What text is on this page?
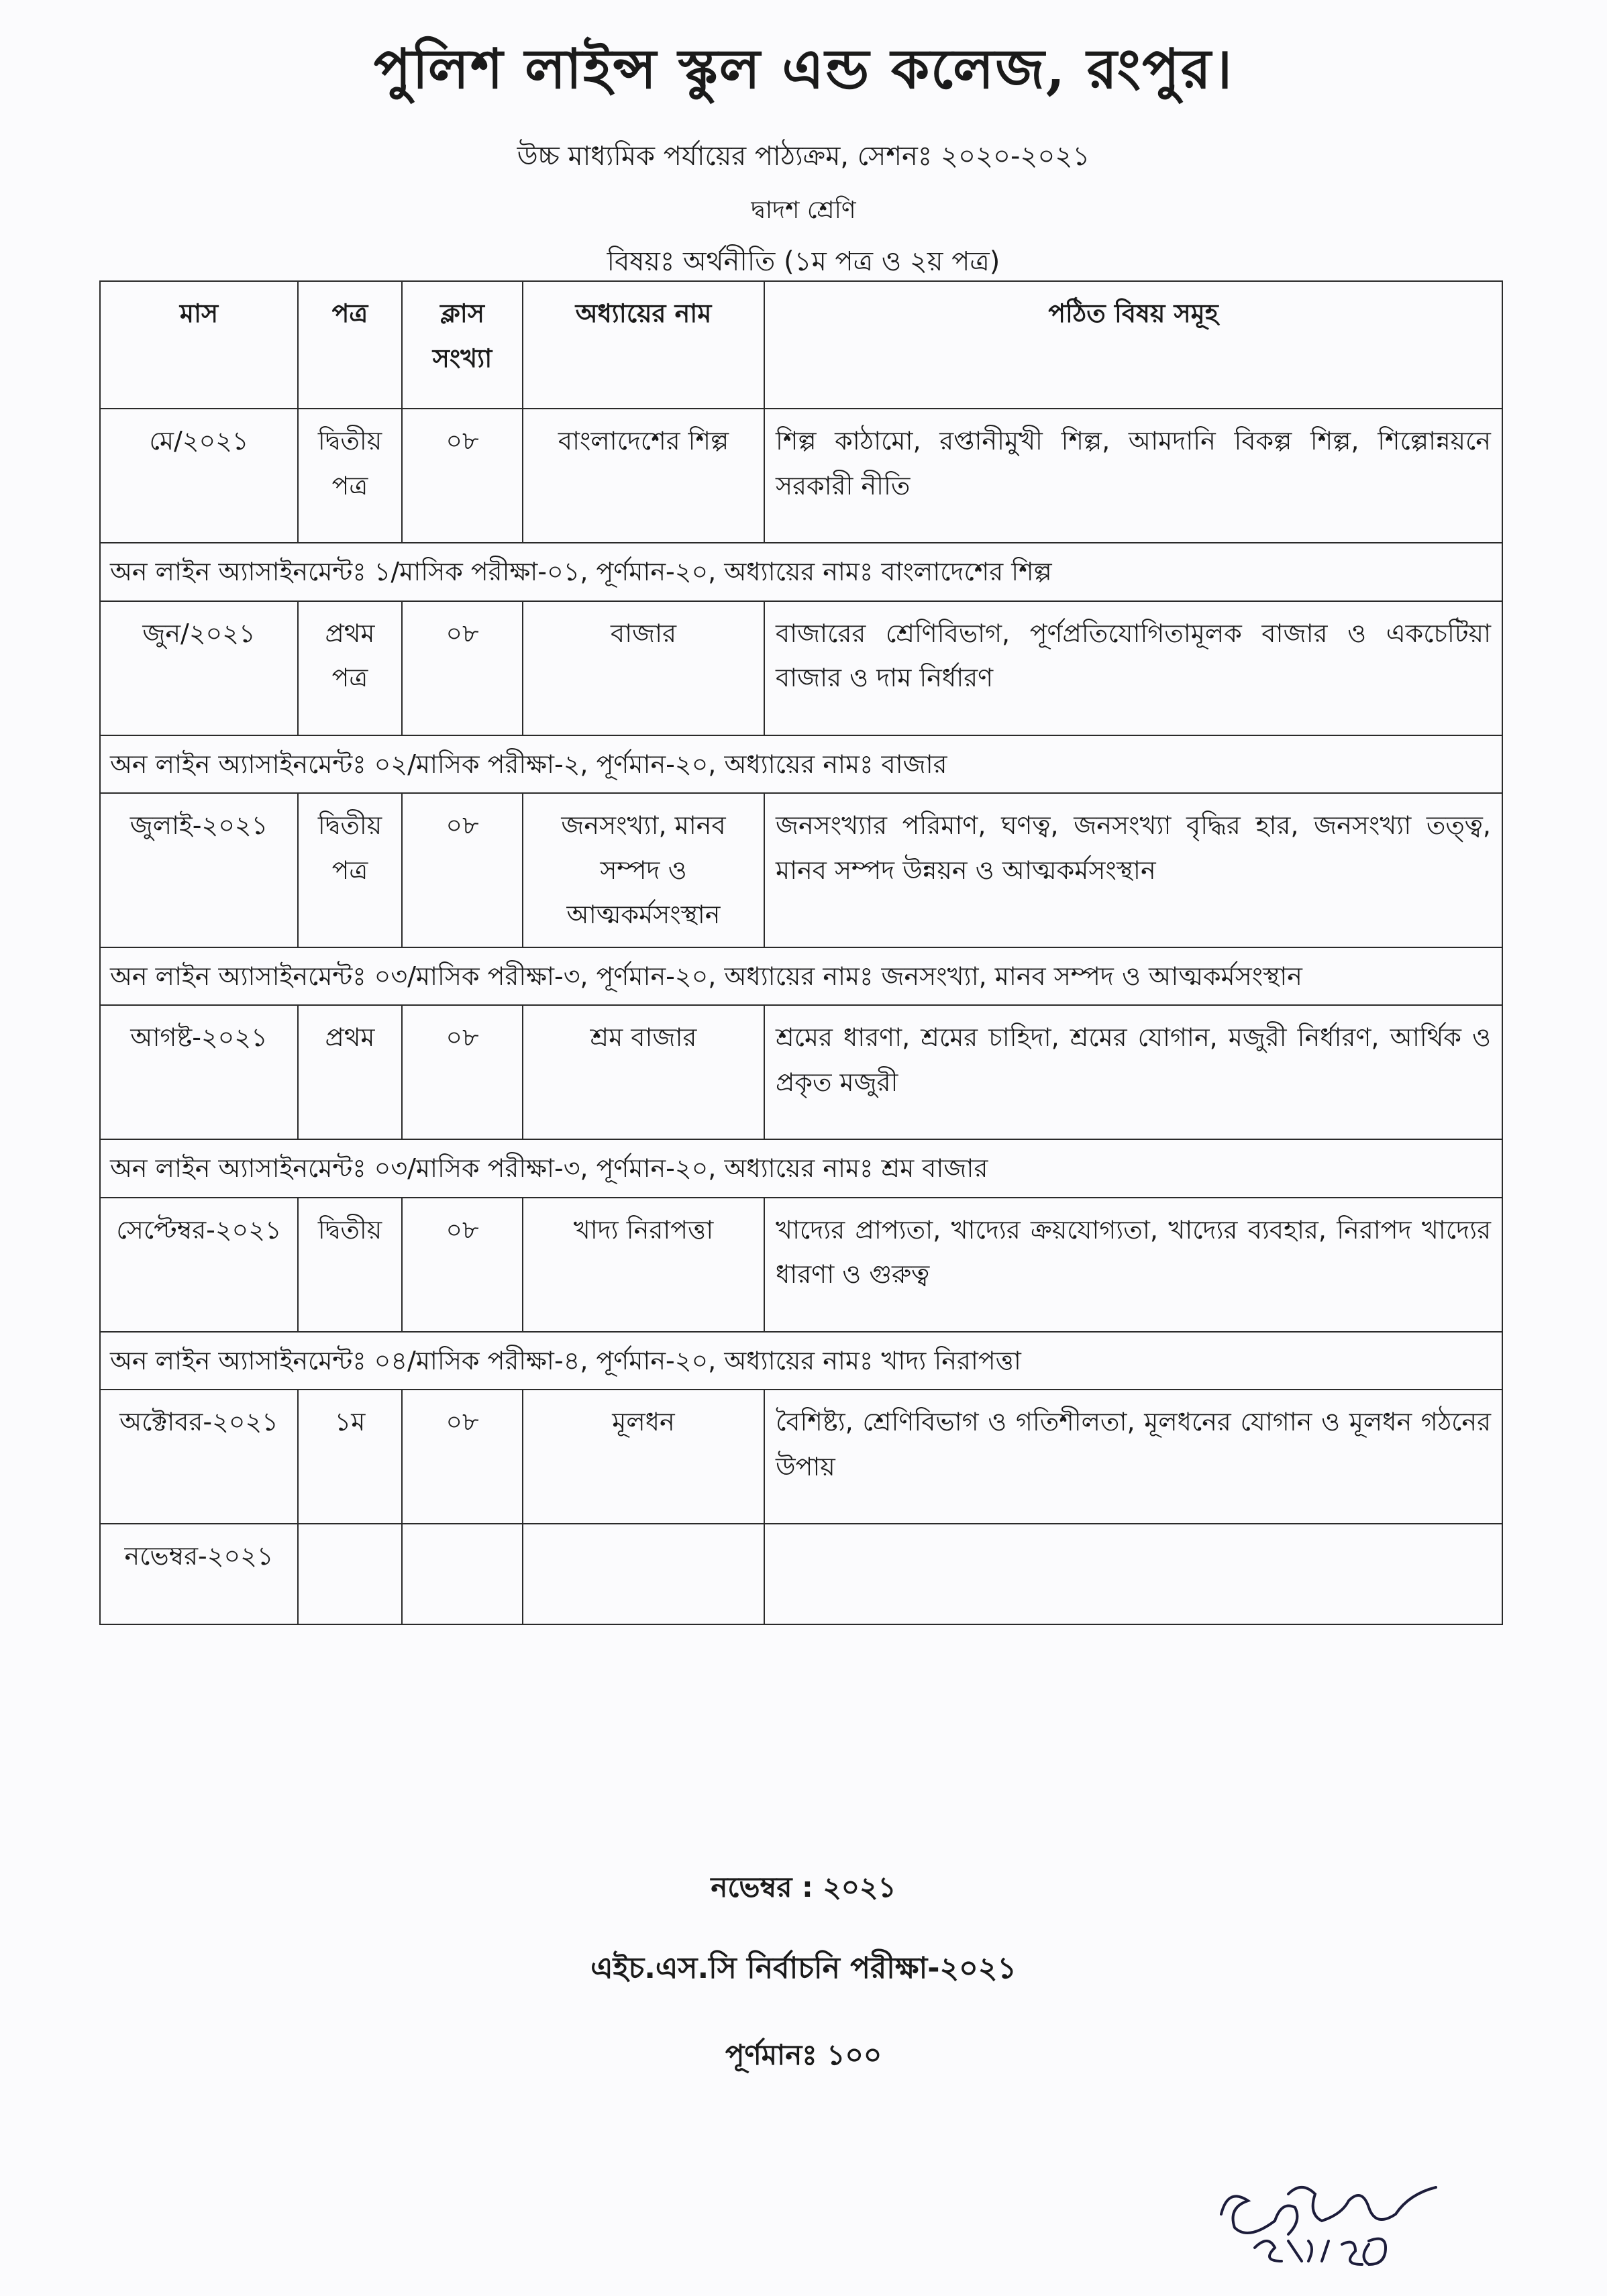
পুলিশ লাইন্স স্কুল এন্ড কলেজ, রংপুর।
উচ্চ মাধ্যমিক পর্যায়ের পাঠ্যক্রম, সেশনঃ ২০২০-২০২১
দ্বাদশ শ্রেণি
বিষয়ঃ অর্থনীতি (১ম পত্র ও ২য় পত্র)
মাস	পত্র	ক্লাস সংখ্যা	অধ্যায়ের নাম	পঠিত বিষয় সমূহ
মে/২০২১	দ্বিতীয় পত্র	০৮	বাংলাদেশের শিল্প	শিল্প কাঠামো, রপ্তানীমুখী শিল্প, আমদানি বিকল্প শিল্প, শিল্পোন্নয়নে সরকারী নীতি
অন লাইন অ্যাসাইনমেন্টঃ ১/মাসিক পরীক্ষা-০১, পূর্ণমান-২০, অধ্যায়ের নামঃ বাংলাদেশের শিল্প				
জুন/২০২১	প্রথম পত্র	০৮	বাজার	বাজারের শ্রেণিবিভাগ, পূর্ণপ্রতিযোগিতামূলক বাজার ও একচেটিয়া বাজার ও দাম নির্ধারণ
অন লাইন অ্যাসাইনমেন্টঃ ০২/মাসিক পরীক্ষা-২, পূর্ণমান-২০, অধ্যায়ের নামঃ বাজার				
জুলাই-২০২১	দ্বিতীয় পত্র	০৮	জনসংখ্যা, মানব সম্পদ ও আত্মকর্মসংস্থান	জনসংখ্যার পরিমাণ, ঘণত্ব, জনসংখ্যা বৃদ্ধির হার, জনসংখ্যা তত্ত্ব, মানব সম্পদ উন্নয়ন ও আত্মকর্মসংস্থান
অন লাইন অ্যাসাইনমেন্টঃ ০৩/মাসিক পরীক্ষা-৩, পূর্ণমান-২০, অধ্যায়ের নামঃ জনসংখ্যা, মানব সম্পদ ও আত্মকর্মসংস্থান				
আগষ্ট-২০২১	প্রথম	০৮	শ্রম বাজার	শ্রমের ধারণা, শ্রমের চাহিদা, শ্রমের যোগান, মজুরী নির্ধারণ, আর্থিক ও প্রকৃত মজুরী
অন লাইন অ্যাসাইনমেন্টঃ ০৩/মাসিক পরীক্ষা-৩, পূর্ণমান-২০, অধ্যায়ের নামঃ শ্রম বাজার				
সেপ্টেম্বর-২০২১	দ্বিতীয়	০৮	খাদ্য নিরাপত্তা	খাদ্যের প্রাপ্যতা, খাদ্যের ক্রয়যোগ্যতা, খাদ্যের ব্যবহার, নিরাপদ খাদ্যের ধারণা ও গুরুত্ব
অন লাইন অ্যাসাইনমেন্টঃ ০৪/মাসিক পরীক্ষা-৪, পূর্ণমান-২০, অধ্যায়ের নামঃ খাদ্য নিরাপত্তা				
অক্টোবর-২০২১	১ম	০৮	মূলধন	বৈশিষ্ট্য, শ্রেণিবিভাগ ও গতিশীলতা, মূলধনের যোগান ও মূলধন গঠনের উপায়
নভেম্বর-২০২১				
নভেম্বর : ২০২১
এইচ.এস.সি নির্বাচনি পরীক্ষা-২০২১
পূর্ণমানঃ ১০০
